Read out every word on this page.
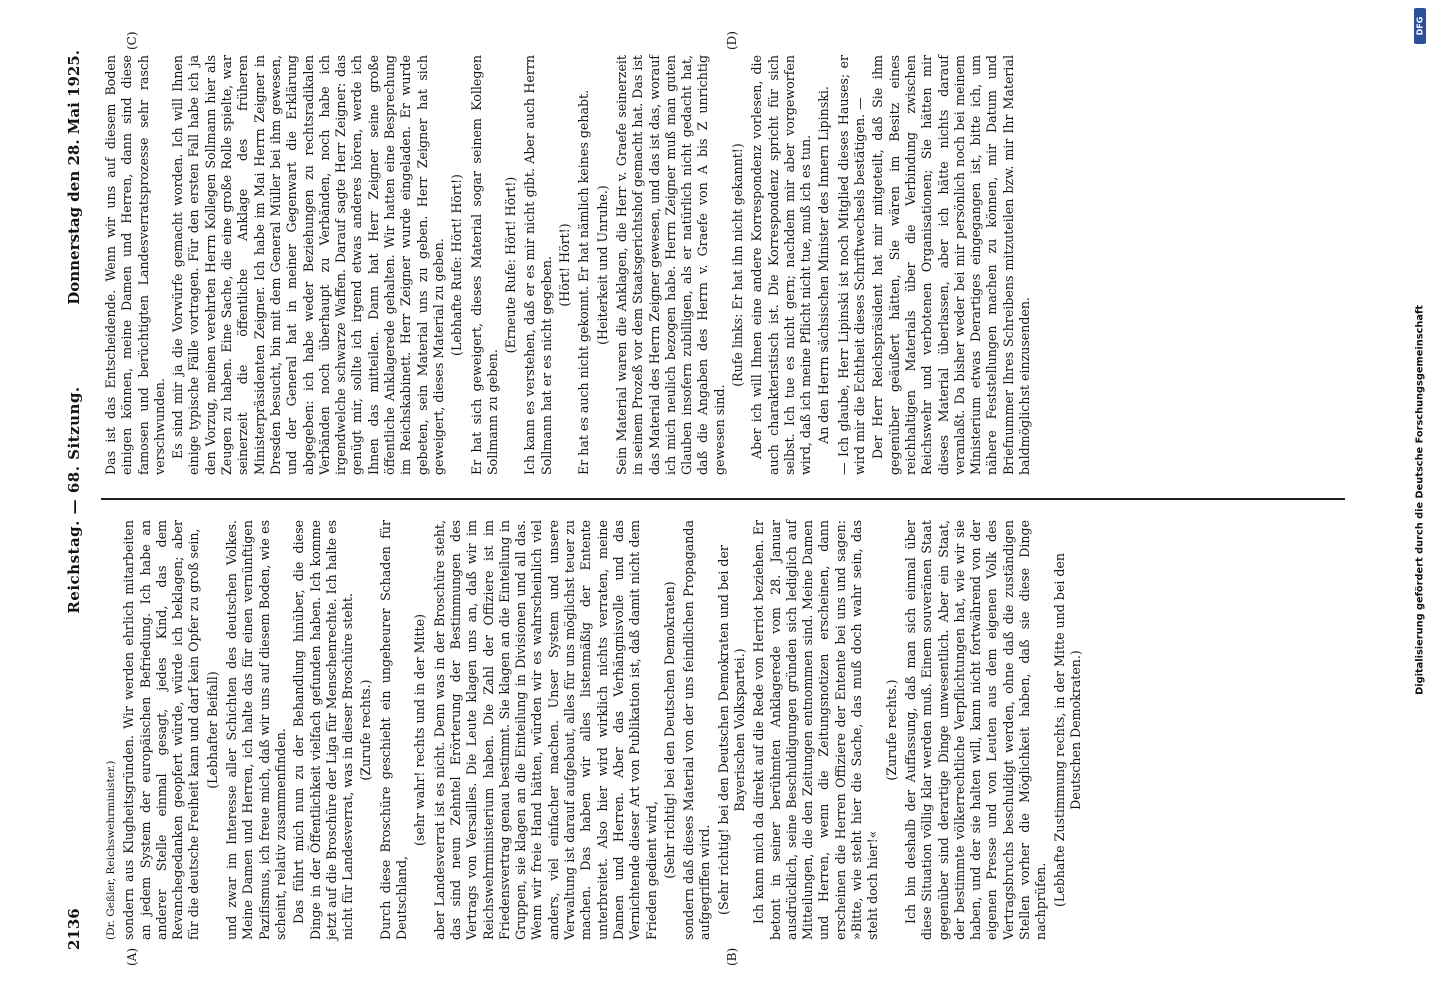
2136
Reichstag. — 68. Sitzung.
Donnerstag den 28. Mai 1925.
(A)	(B)
(C)	(D)

(Dr. Geßler, Reichswehrminister.) sondern aus Klugheitsgründen. Wir werden ehrlich mitarbeiten an jedem System der europäischen Befriedung. Ich habe an anderer Stelle einmal gesagt, jedes Kind, das dem Revanchegedanken geopfert würde, würde ich beklagen; aber für die deutsche Freiheit kann und darf kein Opfer zu groß sein, (Lebhafter Beifall) und zwar im Interesse aller Schichten des deutschen Volkes. Meine Damen und Herren, ich halte das für einen vernünftigen Pazifismus, ich freue mich, daß wir uns auf diesem Boden, wie es scheint, relativ zusammenfinden. Das führt mich nun zu der Behandlung hinüber, die diese Dinge in der Öffentlichkeit vielfach gefunden haben. Ich komme jetzt auf die Broschüre der Liga für Menschenrechte. Ich halte es nicht für Landesverrat, was in dieser Broschüre steht. (Zurufe rechts.) Durch diese Broschüre geschieht ein ungeheurer Schaden für Deutschland,

(sehr wahr! rechts und in der Mitte) aber Landesverrat ist es nicht. Denn was in der Broschüre steht, das sind neun Zehntel Erörterung der Bestimmungen des Vertrags von Versailles. Die Leute klagen uns an, daß wir im Reichswehrministerium haben. Die Zahl der Offiziere ist im Friedensvertrag genau bestimmt. Sie klagen an die Einteilung in Gruppen, sie klagen an die Einteilung in Divisionen und all das. Wenn wir freie Hand hätten, würden wir es wahrscheinlich viel anders, viel einfacher machen. Unser System und unsere Verwaltung ist darauf aufgebaut, alles für uns möglichst teuer zu machen. Das haben wir alles listenmäßig der Entente unterbreitet. Also hier wird wirklich nichts verraten, meine Damen und Herren. Aber das Verhängnisvolle und das Vernichtende dieser Art von Publikation ist, daß damit nicht dem Frieden gedient wird, (Sehr richtig! bei den Deutschen Demokraten) sondern daß dieses Material von der uns feindlichen Propaganda aufgegriffen wird. (Sehr richtig! bei den Deutschen Demokraten und bei der Bayerischen Volkspartei.) Ich kann mich da direkt auf die Rede von Herriot beziehen. Er betont in seiner berühmten Anklagerede vom 28. Januar ausdrücklich, seine Beschuldigungen gründen sich lediglich auf Mitteilungen, die den Zeitungen entnommen sind. Meine Damen und Herren, wenn die Zeitungsnotizen erscheinen, dann erscheinen die Herren Offiziere der Entente bei uns und sagen: »Bitte, wie steht hier die Sache, das muß doch wahr sein, das steht doch hier!«

(Zurufe rechts.) Ich bin deshalb der Auffassung, daß man sich einmal über diese Situation völlig klar werden muß. Einem souveränen Staat gegenüber sind derartige Dinge unwesentlich. Aber ein Staat, der bestimmte völkerrechtliche Verpflichtungen hat, wie wir sie haben, und der sie halten will, kann nicht fortwährend von der eigenen Presse und von Leuten aus dem eigenen Volk des Vertragsbruchs beschuldigt werden, ohne daß die zuständigen Stellen vorher die Möglichkeit haben, daß sie diese Dinge nachprüfen. (Lebhafte Zustimmung rechts, in der Mitte und bei den Deutschen Demokraten.)

Das ist das Entscheidende. Wenn wir uns auf diesem Boden einigen können, meine Damen und Herren, dann sind diese famosen und berüchtigten Landesverratsprozesse sehr rasch verschwunden. Es sind mir ja die Vorwürfe gemacht worden. Ich will Ihnen einige typische Fälle vortragen. Für den ersten Fall habe ich ja den Vorzug, meinen verehrten Herrn Kollegen Sollmann hier als Zeugen zu haben. Eine Sache, die eine große Rolle spielte, war seinerzeit die öffentliche Anklage des früheren Ministerpräsidenten Zeigner. Ich habe im Mai Herrn Zeigner in Dresden besucht, bin mit dem General Müller bei ihm gewesen, und der General hat in meiner Gegenwart die Erklärung abgegeben: ich habe weder Beziehungen zu rechtsradikalen Verbänden noch überhaupt zu Verbänden, noch habe ich irgendwelche schwarze Waffen. Darauf sagte Herr Zeigner: das genügt mir, sollte ich irgend etwas anderes hören, werde ich Ihnen das mitteilen. Dann hat Herr Zeigner seine große öffentliche Anklagerede gehalten. Wir hatten eine Besprechung im Reichskabinett. Herr Zeigner wurde eingeladen. Er wurde gebeten, sein Material uns zu geben. Herr Zeigner hat sich geweigert, dieses Material zu geben. (Lebhafte Rufe: Hört! Hört!) Er hat sich geweigert, dieses Material sogar seinem Kollegen Sollmann zu geben.

(Erneute Rufe: Hört! Hört!) Ich kann es verstehen, daß er es mir nicht gibt. Aber auch Herrn Sollmann hat er es nicht gegeben. (Hört! Hört!) Er hat es auch nicht gekonnt. Er hat nämlich keines gehabt. (Heiterkeit und Unruhe.) Sein Material waren die Anklagen, die Herr v. Graefe seinerzeit in seinem Prozeß vor dem Staatsgerichtshof gemacht hat. Das ist das Material des Herrn Zeigner gewesen, und das ist das, worauf ich mich neulich bezogen habe. Herrn Zeigner muß man guten Glauben insofern zubilligen, als er natürlich nicht gedacht hat, daß die Angaben des Herrn v. Graefe von A bis Z unrichtig gewesen sind.

(Rufe links: Er hat ihn nicht gekannt!) Aber ich will Ihnen eine andere Korrespondenz vorlesen, die auch charakteristisch ist. Die Korrespondenz spricht für sich selbst. Ich tue es nicht gern; nachdem mir aber vorgeworfen wird, daß ich meine Pflicht nicht tue, muß ich es tun. An den Herrn sächsischen Minister des Innern Lipinski. — Ich glaube, Herr Lipinski ist noch Mitglied dieses Hauses; er wird mir die Echtheit dieses Schriftwechsels bestätigen. — Der Herr Reichspräsident hat mir mitgeteilt, daß Sie ihm gegenüber geäußert hätten, Sie wären im Besitz eines reichhaltigen Materials über die Verbindung zwischen Reichswehr und verbotenen Organisationen; Sie hätten mir dieses Material überlassen, aber ich hätte nichts darauf veranlaßt. Da bisher weder bei mir persönlich noch bei meinem Ministerium etwas Derartiges eingegangen ist, bitte ich, um nähere Feststellungen machen zu können, mir Datum und Briefnummer Ihres Schreibens mitzuteilen bzw. mir Ihr Material baldmöglichst einzusenden.	Digitalisierung gefördert durch die Deutsche Forschungsgemeinschaft
DFG
